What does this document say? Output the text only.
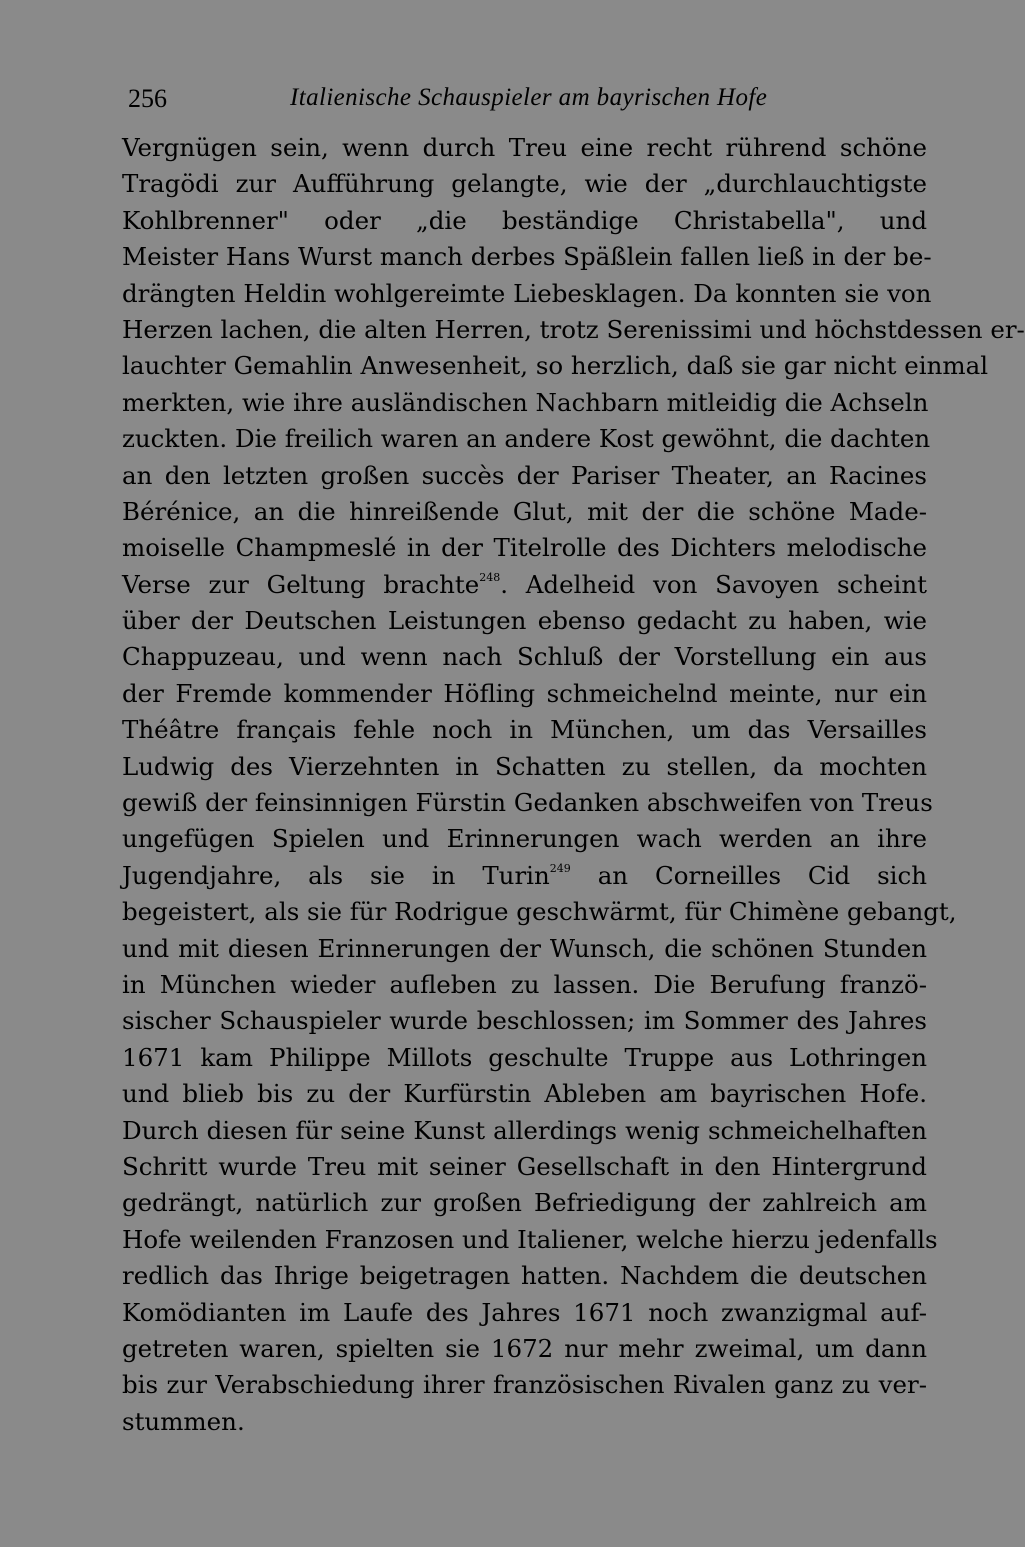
256	Italienische Schauspieler am bayrischen Hofe
Vergnügen sein, wenn durch Treu eine recht rührend schöne
Tragödi zur Aufführung gelangte, wie der „durchlauchtigste
Kohlbrenner" oder „die beständige Christabella", und
Meister Hans Wurst manch derbes Späßlein fallen ließ in der be-
drängten Heldin wohlgereimte Liebesklagen. Da konnten sie von
Herzen lachen, die alten Herren, trotz Serenissimi und höchstdessen er-
lauchter Gemahlin Anwesenheit, so herzlich, daß sie gar nicht einmal
merkten, wie ihre ausländischen Nachbarn mitleidig die Achseln
zuckten. Die freilich waren an andere Kost gewöhnt, die dachten
an den letzten großen succès der Pariser Theater, an Racines
Bérénice, an die hinreißende Glut, mit der die schöne Made-
moiselle Champmeslé in der Titelrolle des Dichters melodische
Verse zur Geltung brachte$^{248}$. Adelheid von Savoyen scheint
über der Deutschen Leistungen ebenso gedacht zu haben, wie
Chappuzeau, und wenn nach Schluß der Vorstellung ein aus
der Fremde kommender Höfling schmeichelnd meinte, nur ein
Théâtre français fehle noch in München, um das Versailles
Ludwig des Vierzehnten in Schatten zu stellen, da mochten
gewiß der feinsinnigen Fürstin Gedanken abschweifen von Treus
ungefügen Spielen und Erinnerungen wach werden an ihre
Jugendjahre, als sie in Turin$^{249}$ an Corneilles Cid sich
begeistert, als sie für Rodrigue geschwärmt, für Chimène gebangt,
und mit diesen Erinnerungen der Wunsch, die schönen Stunden
in München wieder aufleben zu lassen. Die Berufung franzö-
sischer Schauspieler wurde beschlossen; im Sommer des Jahres
1671 kam Philippe Millots geschulte Truppe aus Lothringen
und blieb bis zu der Kurfürstin Ableben am bayrischen Hofe.
Durch diesen für seine Kunst allerdings wenig schmeichelhaften
Schritt wurde Treu mit seiner Gesellschaft in den Hintergrund
gedrängt, natürlich zur großen Befriedigung der zahlreich am
Hofe weilenden Franzosen und Italiener, welche hierzu jedenfalls
redlich das Ihrige beigetragen hatten. Nachdem die deutschen
Komödianten im Laufe des Jahres 1671 noch zwanzigmal auf-
getreten waren, spielten sie 1672 nur mehr zweimal, um dann
bis zur Verabschiedung ihrer französischen Rivalen ganz zu ver-
stummen.
